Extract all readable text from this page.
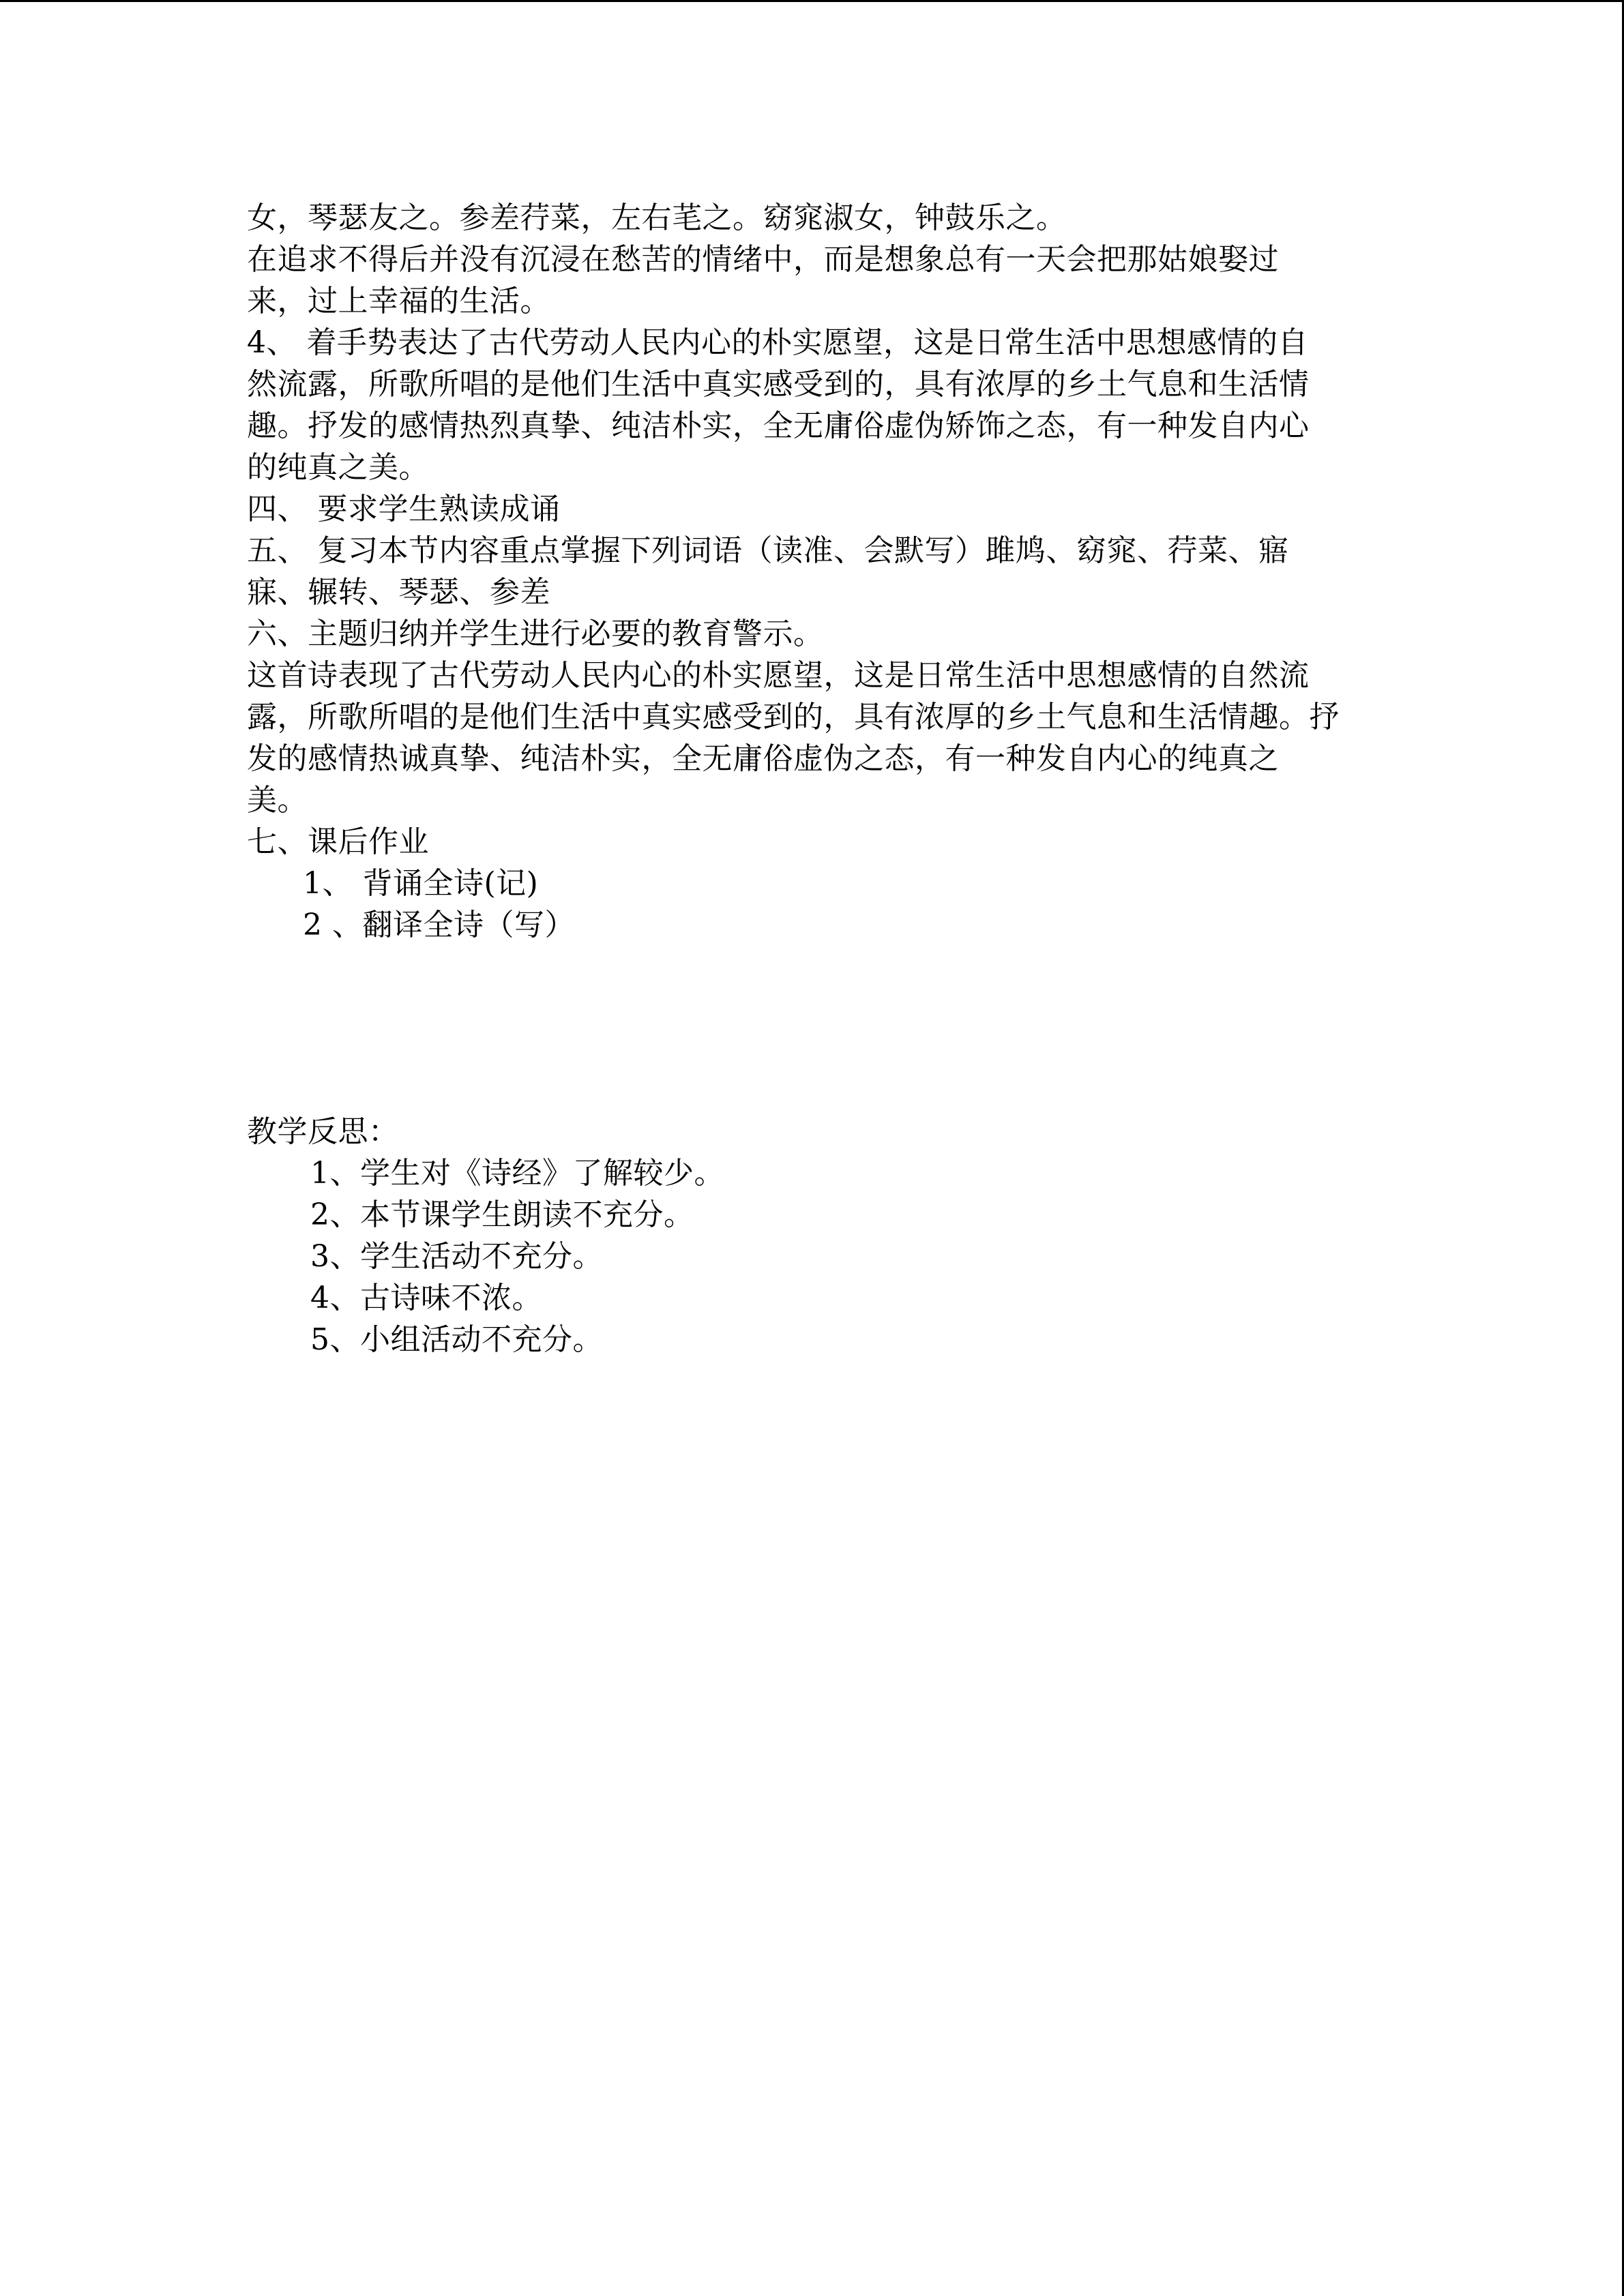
女，琴瑟友之。参差荇菜，左右芼之。窈窕淑女，钟鼓乐之。

在追求不得后并没有沉浸在愁苦的情绪中，而是想象总有一天会把那姑娘娶过

来，过上幸福的生活。

4、 着手势表达了古代劳动人民内心的朴实愿望，这是日常生活中思想感情的自

然流露，所歌所唱的是他们生活中真实感受到的，具有浓厚的乡土气息和生活情

趣。抒发的感情热烈真挚、纯洁朴实，全无庸俗虚伪矫饰之态，有一种发自内心

的纯真之美。

四、 要求学生熟读成诵

五、 复习本节内容重点掌握下列词语（读准、会默写）雎鸠、窈窕、荇菜、寤

寐、辗转、琴瑟、参差

六、主题归纳并学生进行必要的教育警示。

这首诗表现了古代劳动人民内心的朴实愿望，这是日常生活中思想感情的自然流

露，所歌所唱的是他们生活中真实感受到的，具有浓厚的乡土气息和生活情趣。抒

发的感情热诚真挚、纯洁朴实，全无庸俗虚伪之态，有一种发自内心的纯真之

美。

七、课后作业

1、 背诵全诗(记)

2 、翻译全诗（写）

教学反思：

1、学生对《诗经》了解较少。

2、本节课学生朗读不充分。

3、学生活动不充分。

4、古诗味不浓。

5、小组活动不充分。
